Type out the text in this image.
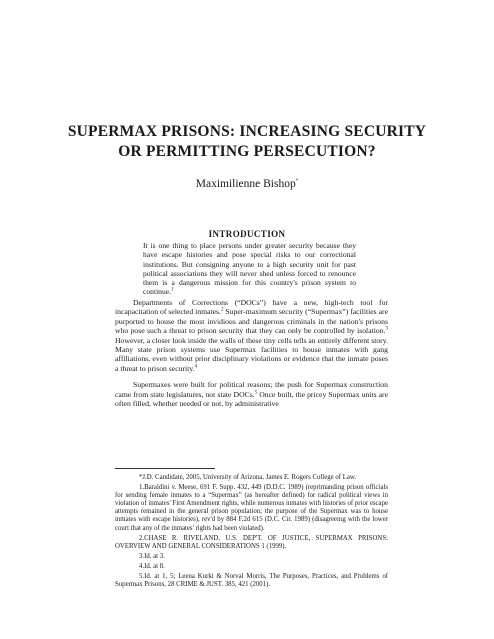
SUPERMAX PRISONS: INCREASING SECURITY
OR PERMITTING PERSECUTION?
Maximilienne Bishop*
INTRODUCTION
It is one thing to place persons under greater security because they have escape histories and pose special risks to our correctional institutions. But consigning anyone to a high security unit for past political associations they will never shed unless forced to renounce them is a dangerous mission for this country's prison system to continue.$^1$

Departments of Corrections (“DOCs”) have a new, high-tech tool for incapacitation of selected inmates.$^2$ Super-maximum security (“Supermax”) facilities are purported to house the most invidious and dangerous criminals in the nation's prisons who pose such a threat to prison security that they can only be controlled by isolation.$^3$ However, a closer look inside the walls of these tiny cells tells an entirely different story. Many state prison systems use Supermax facilities to house inmates with gang affiliations, even without prior disciplinary violations or evidence that the inmate poses a threat to prison security.$^4$

Supermaxes were built for political reasons; the push for Supermax construction came from state legislatures, not state DOCs.$^5$ Once built, the pricey Supermax units are often filled, whether needed or not, by administrative

*J.D. Candidate, 2005, University of Arizona, James E. Rogers College of Law.
1.Baraldini v. Meese, 691 F. Supp. 432, 449 (D.D.C. 1989) (reprimanding prison officials for sending female inmates to a “Supermax” (as hereafter defined) for radical political views in violation of inmates' First Amendment rights, while numerous inmates with histories of prior escape attempts remained in the general prison population; the purpose of the Supermax was to house inmates with escape histories), rev'd by 884 F.2d 615 (D.C. Cir. 1989) (disagreeing with the lower court that any of the inmates' rights had been violated).
2.CHASE R. RIVELAND, U.S. DEP'T. OF JUSTICE, SUPERMAX PRISONS: OVERVIEW AND GENERAL CONSIDERATIONS 1 (1999).
3.Id. at 3.
4.Id. at 8.
5.Id. at 1, 5; Leena Kurki & Norval Morris, The Purposes, Practices, and Problems of Supermax Prisons, 28 CRIME & JUST. 385, 421 (2001).
